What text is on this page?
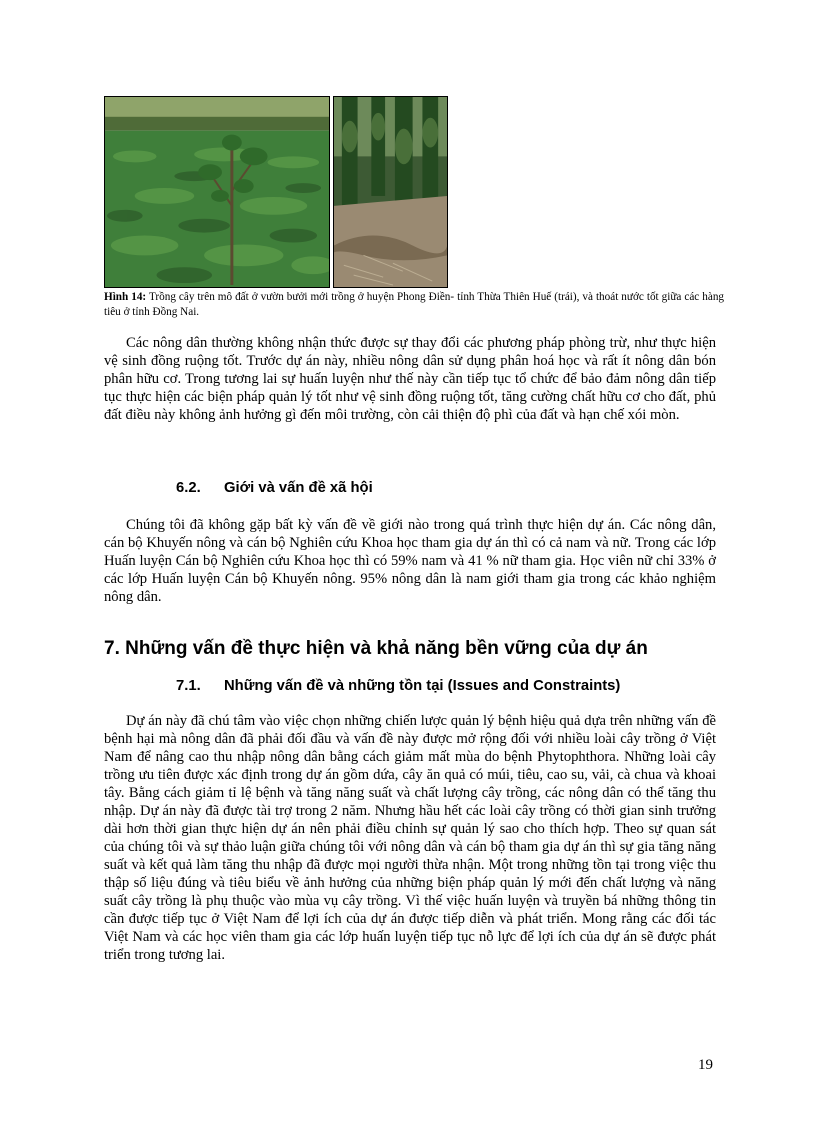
Hình 14: Trồng cây trên mô đất ở vườn bưởi mới trồng ở huyện Phong Điền- tỉnh Thừa Thiên Huế (trái), và thoát nước tốt giữa các hàng tiêu ở tỉnh Đồng Nai.

Các nông dân thường không nhận thức được sự thay đổi các phương pháp phòng trừ, như thực hiện vệ sinh đồng ruộng tốt. Trước dự án này, nhiều nông dân sử dụng phân hoá học và rất ít nông dân bón phân hữu cơ. Trong tương lai sự huấn luyện như thế này cần tiếp tục tổ chức để bảo đảm nông dân tiếp tục thực hiện các biện pháp quản lý tốt như vệ sinh đồng ruộng tốt, tăng cường chất hữu cơ cho đất, phủ đất điều này không ảnh hưởng gì đến môi trường, còn cải thiện độ phì của đất và hạn chế xói mòn.

6.2. Giới và vấn đề xã hội

Chúng tôi đã không gặp bất kỳ vấn đề về giới nào trong quá trình thực hiện dự án. Các nông dân, cán bộ Khuyến nông và cán bộ Nghiên cứu Khoa học tham gia dự án thì có cả nam và nữ. Trong các lớp Huấn luyện Cán bộ Nghiên cứu Khoa học thì có 59% nam và 41 % nữ tham gia. Học viên nữ chỉ 33% ở các lớp Huấn luyện Cán bộ Khuyến nông. 95% nông dân là nam giới tham gia trong các khảo nghiệm nông dân.

7. Những vấn đề thực hiện và khả năng bền vững của dự án
7.1. Những vấn đề và những tồn tại (Issues and Constraints)

Dự án này đã chú tâm vào việc chọn những chiến lược quản lý bệnh hiệu quả dựa trên những vấn đề bệnh hại mà nông dân đã phải đối đầu và vấn đề này được mở rộng đối với nhiều loài cây trồng ở Việt Nam để nâng cao thu nhập nông dân bằng cách giảm mất mùa do bệnh Phytophthora. Những loài cây trồng ưu tiên được xác định trong dự án gồm dứa, cây ăn quả có múi, tiêu, cao su, vải, cà chua và khoai tây. Bằng cách giảm tỉ lệ bệnh và tăng năng suất và chất lượng cây trồng, các nông dân có thể tăng thu nhập. Dự án này đã được tài trợ trong 2 năm. Nhưng hầu hết các loài cây trồng có thời gian sinh trưởng dài hơn thời gian thực hiện dự án nên phải điều chỉnh sự quản lý sao cho thích hợp. Theo sự quan sát của chúng tôi và sự thảo luận giữa chúng tôi với nông dân và cán bộ tham gia dự án thì sự gia tăng năng suất và kết quả làm tăng thu nhập đã được mọi người thừa nhận. Một trong những tồn tại trong việc thu thập số liệu đúng và tiêu biểu về ảnh hưởng của những biện pháp quản lý mới đến chất lượng và năng suất cây trồng là phụ thuộc vào mùa vụ cây trồng. Vì thế việc huấn luyện và truyền bá những thông tin cần được tiếp tục ở Việt Nam để lợi ích của dự án được tiếp diễn và phát triển. Mong rằng các đối tác Việt Nam và các học viên tham gia các lớp huấn luyện tiếp tục nỗ lực để lợi ích của dự án sẽ được phát triển trong tương lai.

19
